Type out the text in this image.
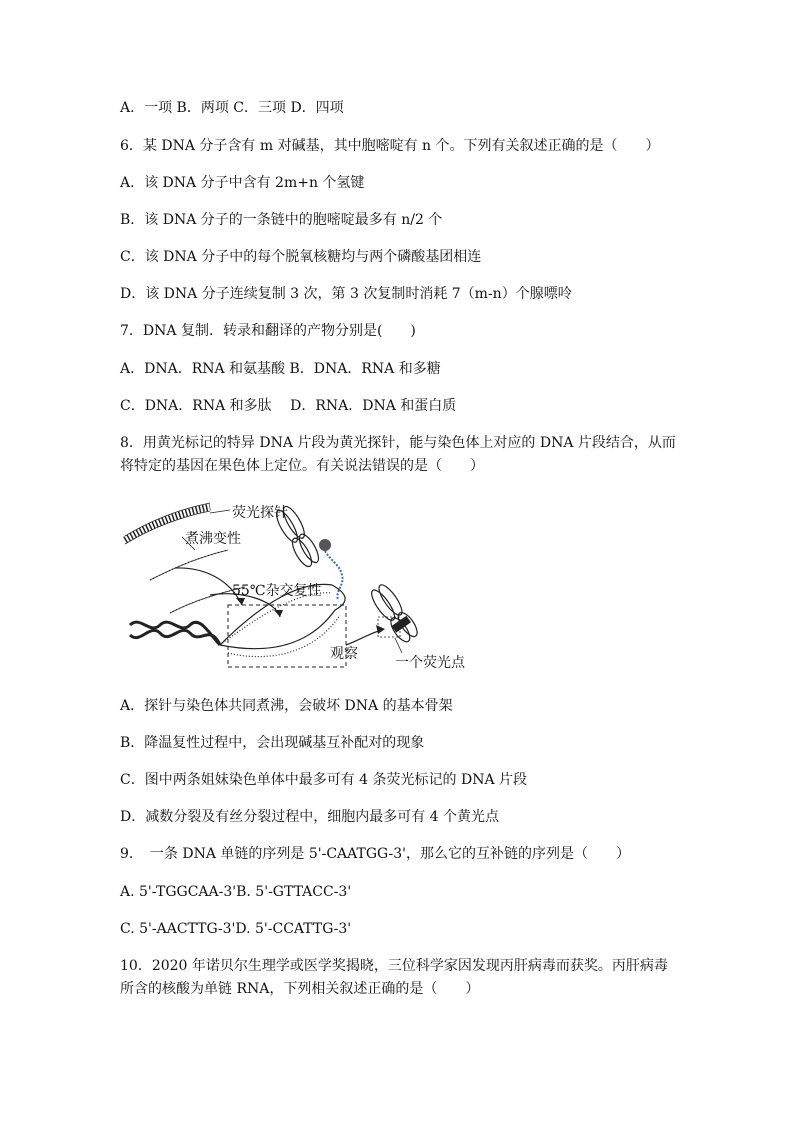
A．一项 B．两项 C．三项 D．四项
6．某 DNA 分子含有 m 对碱基，其中胞嘧啶有 n 个。下列有关叙述正确的是（　　）
A．该 DNA 分子中含有 2m+n 个氢键
B．该 DNA 分子的一条链中的胞嘧啶最多有 n/2 个
C．该 DNA 分子中的每个脱氧核糖均与两个磷酸基团相连
D．该 DNA 分子连续复制 3 次，第 3 次复制时消耗 7（m-n）个腺嘌呤
7．DNA 复制．转录和翻译的产物分别是(　　)
A．DNA．RNA 和氨基酸 B．DNA．RNA 和多糖
C．DNA．RNA 和多肽　 D．RNA．DNA 和蛋白质
8．用黄光标记的特异 DNA 片段为黄光探针，能与染色体上对应的 DNA 片段结合，从而将特定的基因在果色体上定位。有关说法错误的是（　　）
荧光探针
煮沸变性
55℃杂交复性
观察
一个荧光点
A．探针与染色体共同煮沸，会破坏 DNA 的基本骨架
B．降温复性过程中，会出现碱基互补配对的现象
C．图中两条姐妹染色单体中最多可有 4 条荧光标记的 DNA 片段
D．减数分裂及有丝分裂过程中，细胞内最多可有 4 个黄光点
9．　一条 DNA 单链的序列是 5'-CAATGG-3'，那么它的互补链的序列是（　　）
A. 5'-TGGCAA-3'B. 5'-GTTACC-3'
C. 5'-AACTTG-3'D. 5'-CCATTG-3'
10．2020 年诺贝尔生理学或医学奖揭晓，三位科学家因发现丙肝病毒而获奖。丙肝病毒所含的核酸为单链 RNA，下列相关叙述正确的是（　　）
